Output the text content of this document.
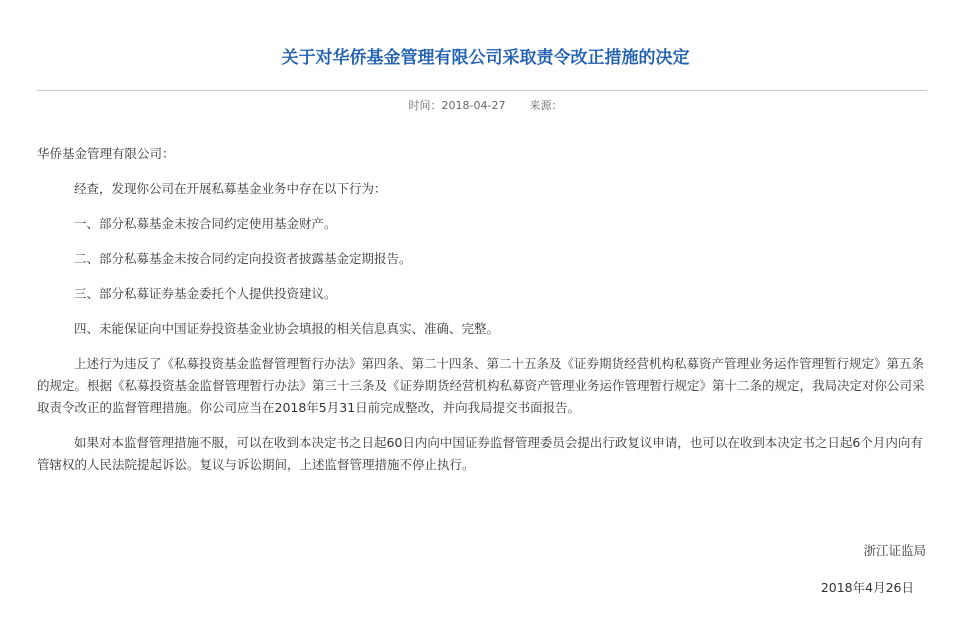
关于对华侨基金管理有限公司采取责令改正措施的决定
时间：2018-04-27 来源：

华侨基金管理有限公司：

经查，发现你公司在开展私募基金业务中存在以下行为：

一、部分私募基金未按合同约定使用基金财产。

二、部分私募基金未按合同约定向投资者披露基金定期报告。

三、部分私募证券基金委托个人提供投资建议。

四、未能保证向中国证券投资基金业协会填报的相关信息真实、准确、完整。

上述行为违反了《私募投资基金监督管理暂行办法》第四条、第二十四条、第二十五条及《证券期货经营机构私募资产管理业务运作管理暂行规定》第五条的规定。根据《私募投资基金监督管理暂行办法》第三十三条及《证券期货经营机构私募资产管理业务运作管理暂行规定》第十二条的规定，我局决定对你公司采取责令改正的监督管理措施。你公司应当在2018年5月31日前完成整改，并向我局提交书面报告。

如果对本监督管理措施不服，可以在收到本决定书之日起60日内向中国证券监督管理委员会提出行政复议申请，也可以在收到本决定书之日起6个月内向有管辖权的人民法院提起诉讼。复议与诉讼期间，上述监督管理措施不停止执行。

浙江证监局
2018年4月26日
